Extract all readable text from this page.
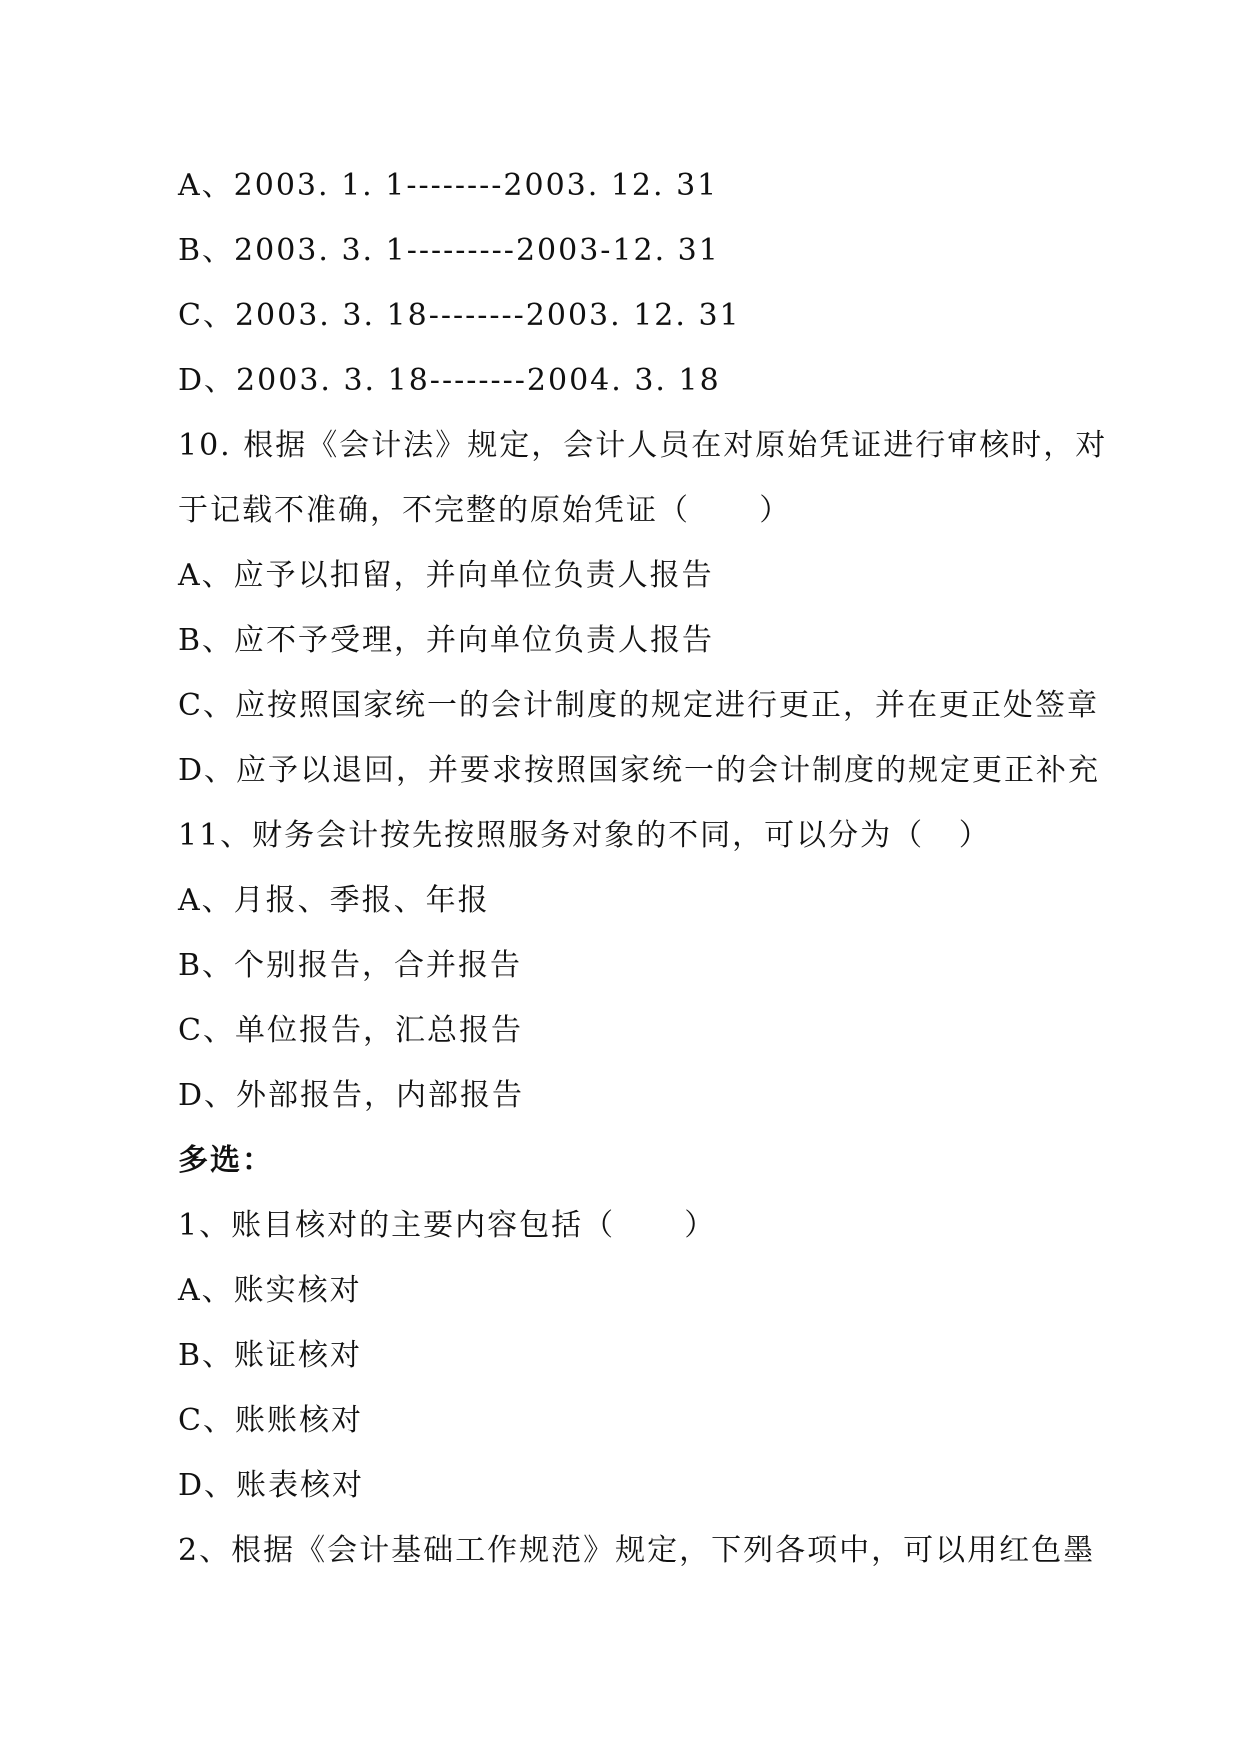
A、2003. 1. 1--------2003. 12. 31
B、2003. 3. 1---------2003-12. 31
C、2003. 3. 18--------2003. 12. 31
D、2003. 3. 18--------2004. 3. 18
10. 根据《会计法》规定，会计人员在对原始凭证进行审核时，对
于记载不准确，不完整的原始凭证（      ）
A、应予以扣留，并向单位负责人报告
B、应不予受理，并向单位负责人报告
C、应按照国家统一的会计制度的规定进行更正，并在更正处签章
D、应予以退回，并要求按照国家统一的会计制度的规定更正补充
11、财务会计按先按照服务对象的不同，可以分为（   ）
A、月报、季报、年报
B、个别报告，合并报告
C、单位报告，汇总报告
D、外部报告，内部报告
多选：
1、账目核对的主要内容包括（      ）
A、账实核对
B、账证核对
C、账账核对
D、账表核对
2、根据《会计基础工作规范》规定，下列各项中，可以用红色墨
